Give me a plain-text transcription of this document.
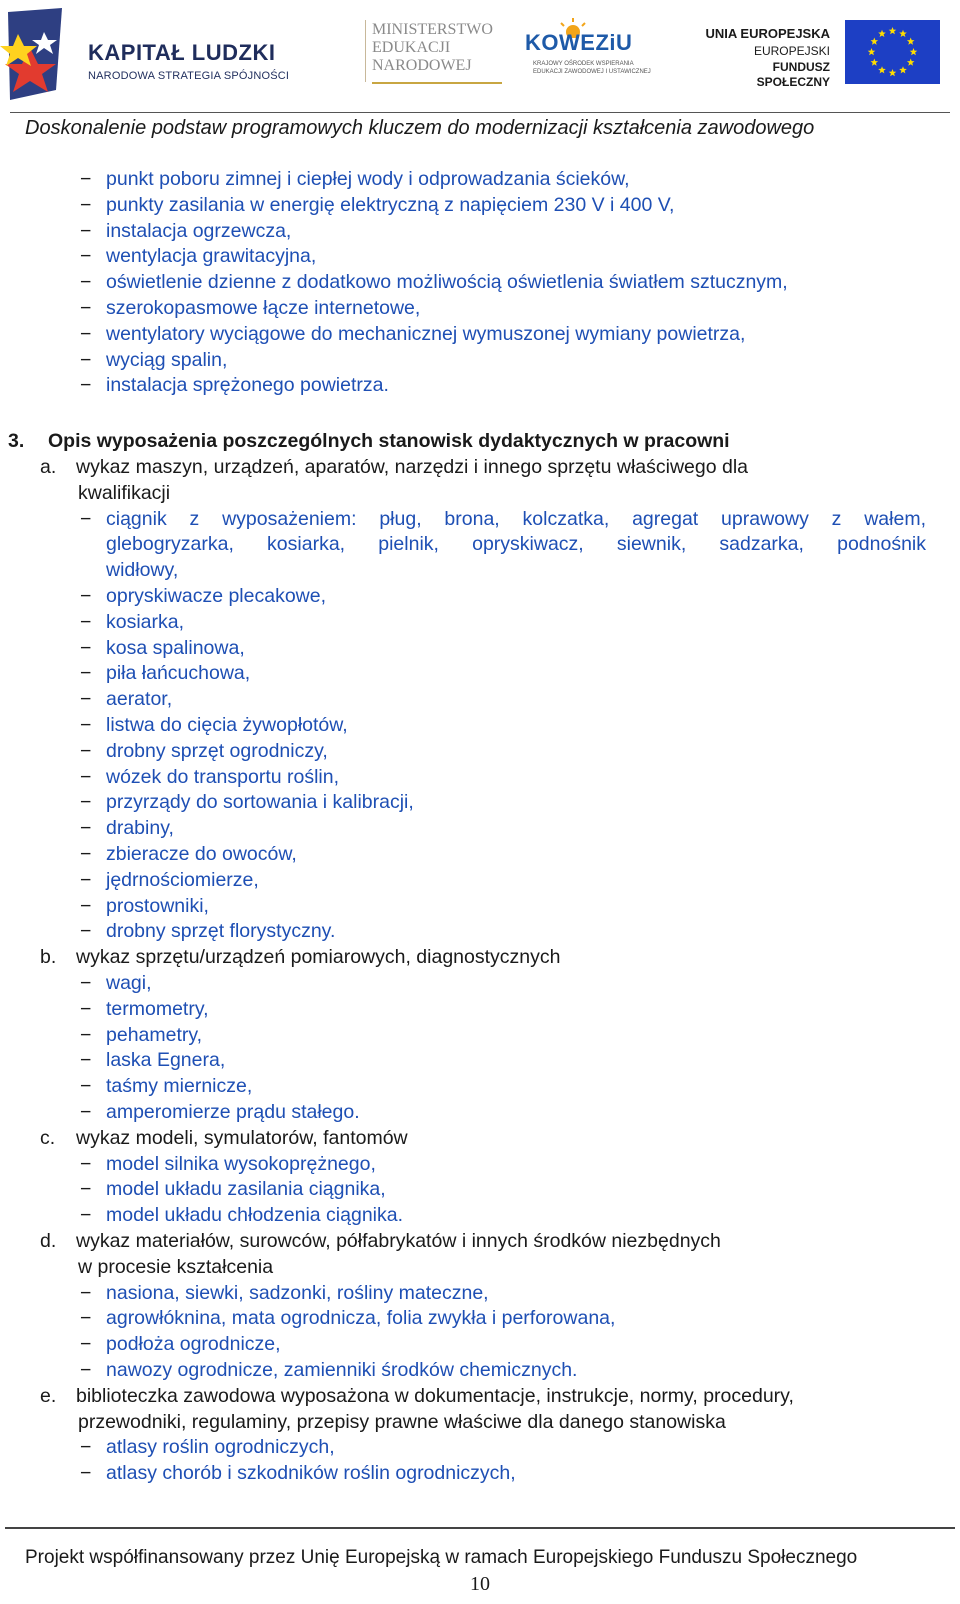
KAPITAŁ LUDZKI
NARODOWA STRATEGIA SPÓJNOŚCI
MINISTERSTWO
EDUKACJI
NARODOWEJ
KOWEZiU
KRAJOWY OŚRODEK WSPIERANIA EDUKACJI ZAWODOWEJ I USTAWICZNEJ
UNIA EUROPEJSKA
EUROPEJSKI
FUNDUSZ SPOŁECZNY
Doskonalenie podstaw programowych kluczem do modernizacji kształcenia zawodowego
− punkt poboru zimnej i ciepłej wody i odprowadzania ścieków,
− punkty zasilania w energię elektryczną z napięciem 230 V i 400 V,
− instalacja ogrzewcza,
− wentylacja grawitacyjna,
− oświetlenie dzienne z dodatkowo możliwością oświetlenia światłem sztucznym,
− szerokopasmowe łącze internetowe,
− wentylatory wyciągowe do mechanicznej wymuszonej wymiany powietrza,
− wyciąg spalin,
− instalacja sprężonego powietrza.
3. Opis wyposażenia poszczególnych stanowisk dydaktycznych w pracowni
a. wykaz maszyn, urządzeń, aparatów, narzędzi i innego sprzętu właściwego dla
kwalifikacji
− ciągnik z wyposażeniem: pług, brona, kolczatka, agregat uprawowy z wałem,
glebogryzarka, kosiarka, pielnik, opryskiwacz, siewnik, sadzarka, podnośnik
widłowy,
− opryskiwacze plecakowe,
− kosiarka,
− kosa spalinowa,
− piła łańcuchowa,
− aerator,
− listwa do cięcia żywopłotów,
− drobny sprzęt ogrodniczy,
− wózek do transportu roślin,
− przyrządy do sortowania i kalibracji,
− drabiny,
− zbieracze do owoców,
− jędrnościomierze,
− prostowniki,
− drobny sprzęt florystyczny.
b. wykaz sprzętu/urządzeń pomiarowych, diagnostycznych
− wagi,
− termometry,
− pehametry,
− laska Egnera,
− taśmy miernicze,
− amperomierze prądu stałego.
c. wykaz modeli, symulatorów, fantomów
− model silnika wysokoprężnego,
− model układu zasilania ciągnika,
− model układu chłodzenia ciągnika.
d. wykaz materiałów, surowców, półfabrykatów i innych środków niezbędnych
w procesie kształcenia
− nasiona, siewki, sadzonki, rośliny mateczne,
− agrowłóknina, mata ogrodnicza, folia zwykła i perforowana,
− podłoża ogrodnicze,
− nawozy ogrodnicze, zamienniki środków chemicznych.
e. biblioteczka zawodowa wyposażona w dokumentacje, instrukcje, normy, procedury,
przewodniki, regulaminy, przepisy prawne właściwe dla danego stanowiska
− atlasy roślin ogrodniczych,
− atlasy chorób i szkodników roślin ogrodniczych,
Projekt współfinansowany przez Unię Europejską w ramach Europejskiego Funduszu Społecznego
10
